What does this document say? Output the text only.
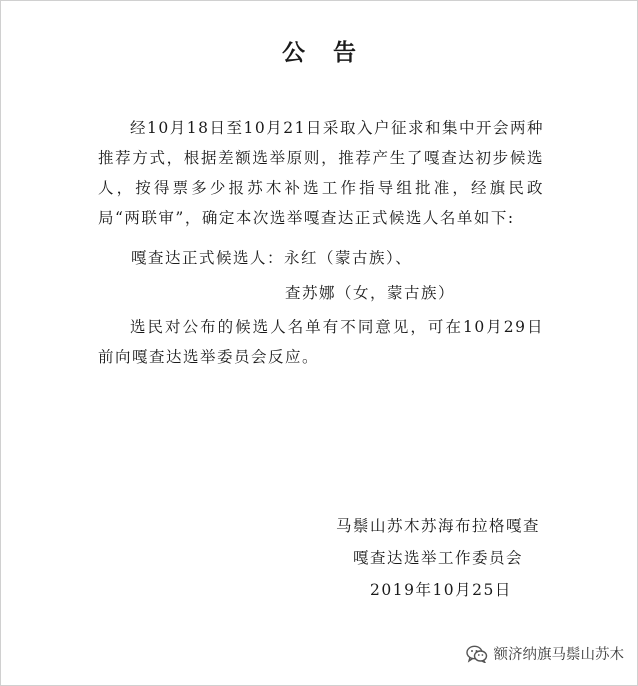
公告
经10月18日至10月21日采取入户征求和集中开会两种推荐方式，根据差额选举原则，推荐产生了嘎查达初步候选人，按得票多少报苏木补选工作指导组批准，经旗民政局“两联审”，确定本次选举嘎查达正式候选人名单如下:
嘎查达正式候选人：永红（蒙古族）、
查苏娜（女，蒙古族）
选民对公布的候选人名单有不同意见，可在10月29日前向嘎查达选举委员会反应。
马鬃山苏木苏海布拉格嘎查
嘎查达选举工作委员会
2019年10月25日
额济纳旗马鬃山苏木
